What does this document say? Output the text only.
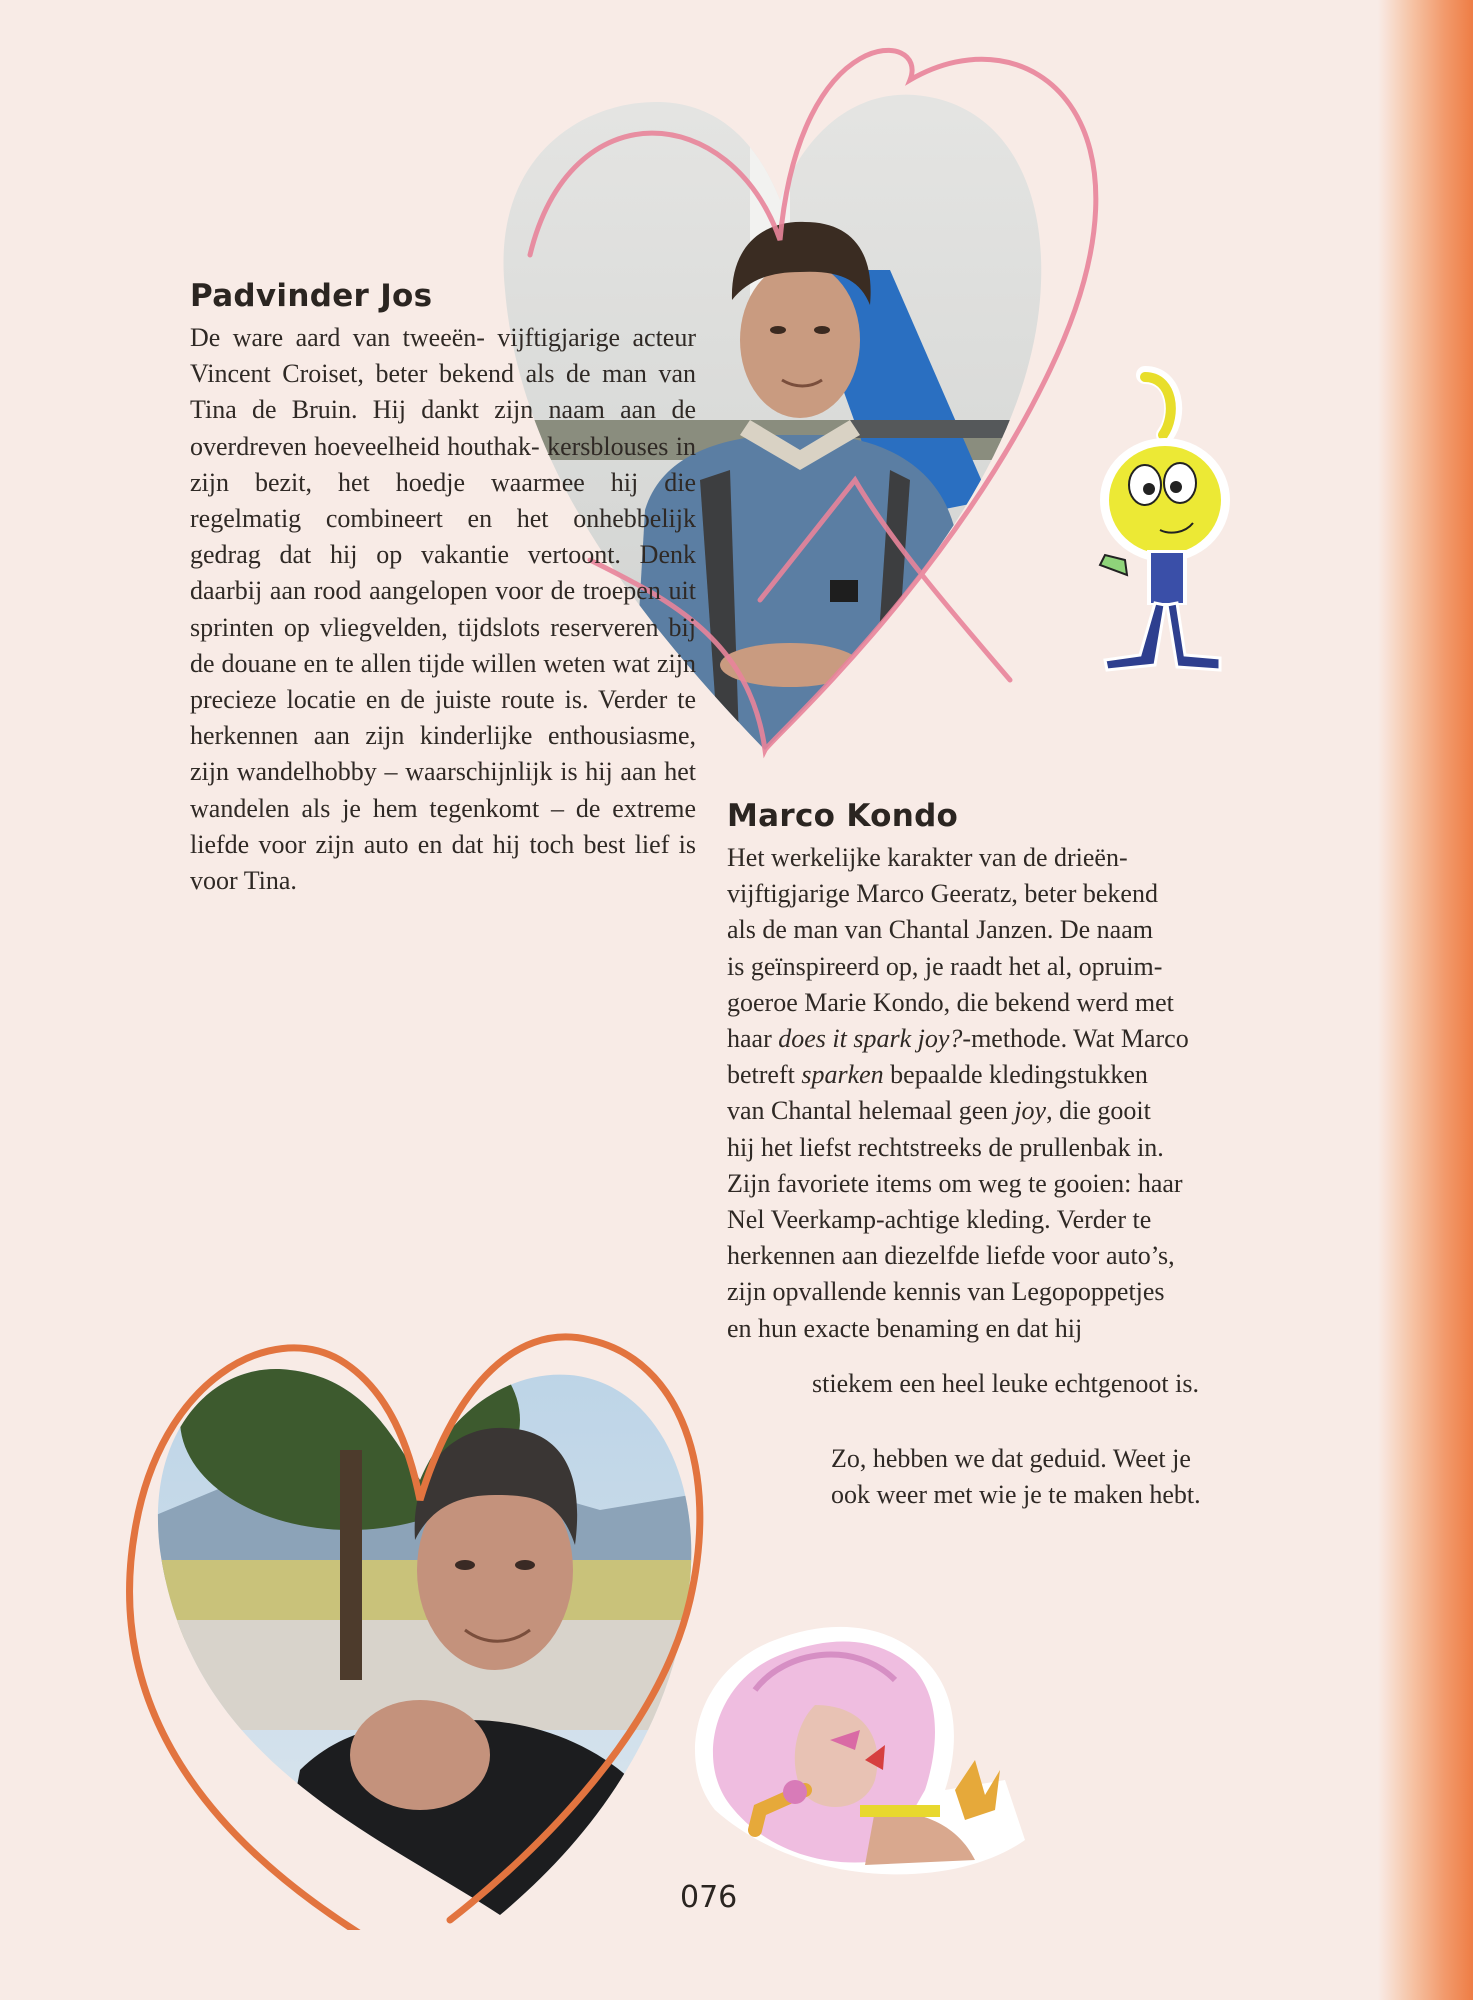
Padvinder Jos

De ware aard van tweeën- vijftigjarige acteur Vincent Croiset, beter bekend als de man van Tina de Bruin. Hij dankt zijn naam aan de overdreven hoeveelheid houthak- kersblouses in zijn bezit, het hoedje waarmee hij die regelmatig combineert en het onhebbelijk gedrag dat hij op vakantie vertoont. Denk daarbij aan rood aangelopen voor de troepen uit sprinten op vliegvelden, tijdslots reserveren bij de douane en te allen tijde willen weten wat zijn precieze locatie en de juiste route is. Verder te herkennen aan zijn kinderlijke enthousiasme, zijn wandelhobby – waarschijnlijk is hij aan het wandelen als je hem tegenkomt – de extreme liefde voor zijn auto en dat hij toch best lief is voor Tina.

Marco Kondo
Het werkelijke karakter van de drieën-
vijftigjarige Marco Geeratz, beter bekend
als de man van Chantal Janzen. De naam
is geïnspireerd op, je raadt het al, opruim-
goeroe Marie Kondo, die bekend werd met
haar does it spark joy?-methode. Wat Marco
betreft sparken bepaalde kledingstukken
van Chantal helemaal geen joy, die gooit
hij het liefst rechtstreeks de prullenbak in.
Zijn favoriete items om weg te gooien: haar
Nel Veerkamp-achtige kleding. Verder te
herkennen aan diezelfde liefde voor auto’s,
zijn opvallende kennis van Legopoppetjes
en hun exacte benaming en dat hij

stiekem een heel leuke echtgenoot is.

Zo, hebben we dat geduid. Weet je
ook weer met wie je te maken hebt.
076
